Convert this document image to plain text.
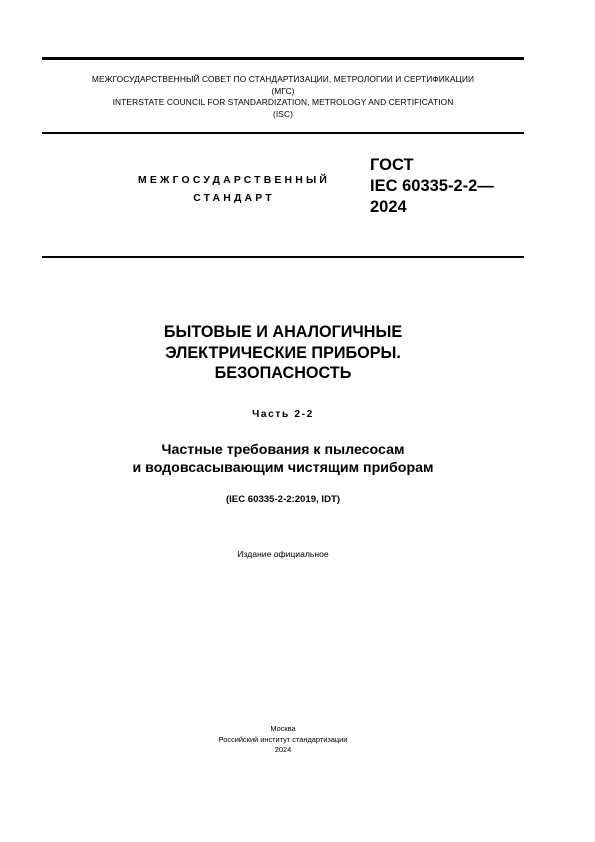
МЕЖГОСУДАРСТВЕННЫЙ СОВЕТ ПО СТАНДАРТИЗАЦИИ, МЕТРОЛОГИИ И СЕРТИФИКАЦИИ
(МГС)
INTERSTATE COUNCIL FOR STANDARDIZATION, METROLOGY AND CERTIFICATION
(ISC)
МЕЖГОСУДАРСТВЕННЫЙ
СТАНДАРТ
ГОСТ
IEC 60335-2-2—
2024
БЫТОВЫЕ И АНАЛОГИЧНЫЕ
ЭЛЕКТРИЧЕСКИЕ ПРИБОРЫ.
БЕЗОПАСНОСТЬ
Часть 2-2
Частные требования к пылесосам
и водовсасывающим чистящим приборам
(IEC 60335-2-2:2019, IDT)
Издание официальное
Москва
Российский институт стандартизации
2024
